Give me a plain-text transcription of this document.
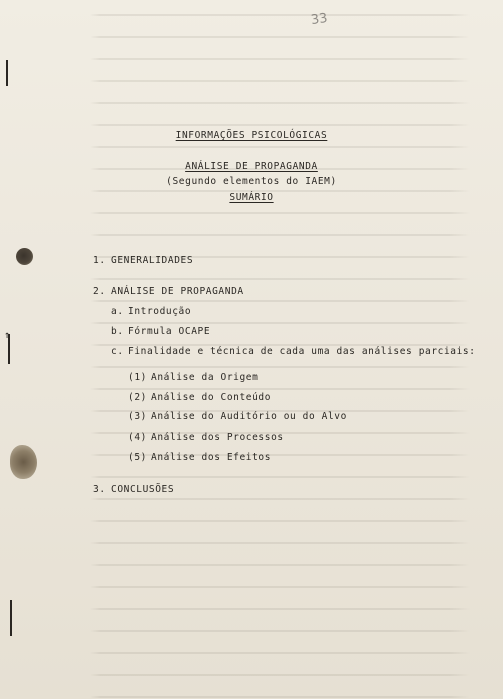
↑
33
INFORMAÇÕES PSICOLÓGICAS
ANÁLISE DE PROPAGANDA
(Segundo elementos do IAEM)
SUMÁRIO
1. GENERALIDADES
2. ANÁLISE DE PROPAGANDA
a. Introdução
b. Fórmula OCAPE
c. Finalidade e técnica de cada uma das análises parciais:
(1) Análise da Origem
(2) Análise do Conteúdo
(3) Análise do Auditório ou do Alvo
(4) Análise dos Processos
(5) Análise dos Efeitos
3. CONCLUSÕES
